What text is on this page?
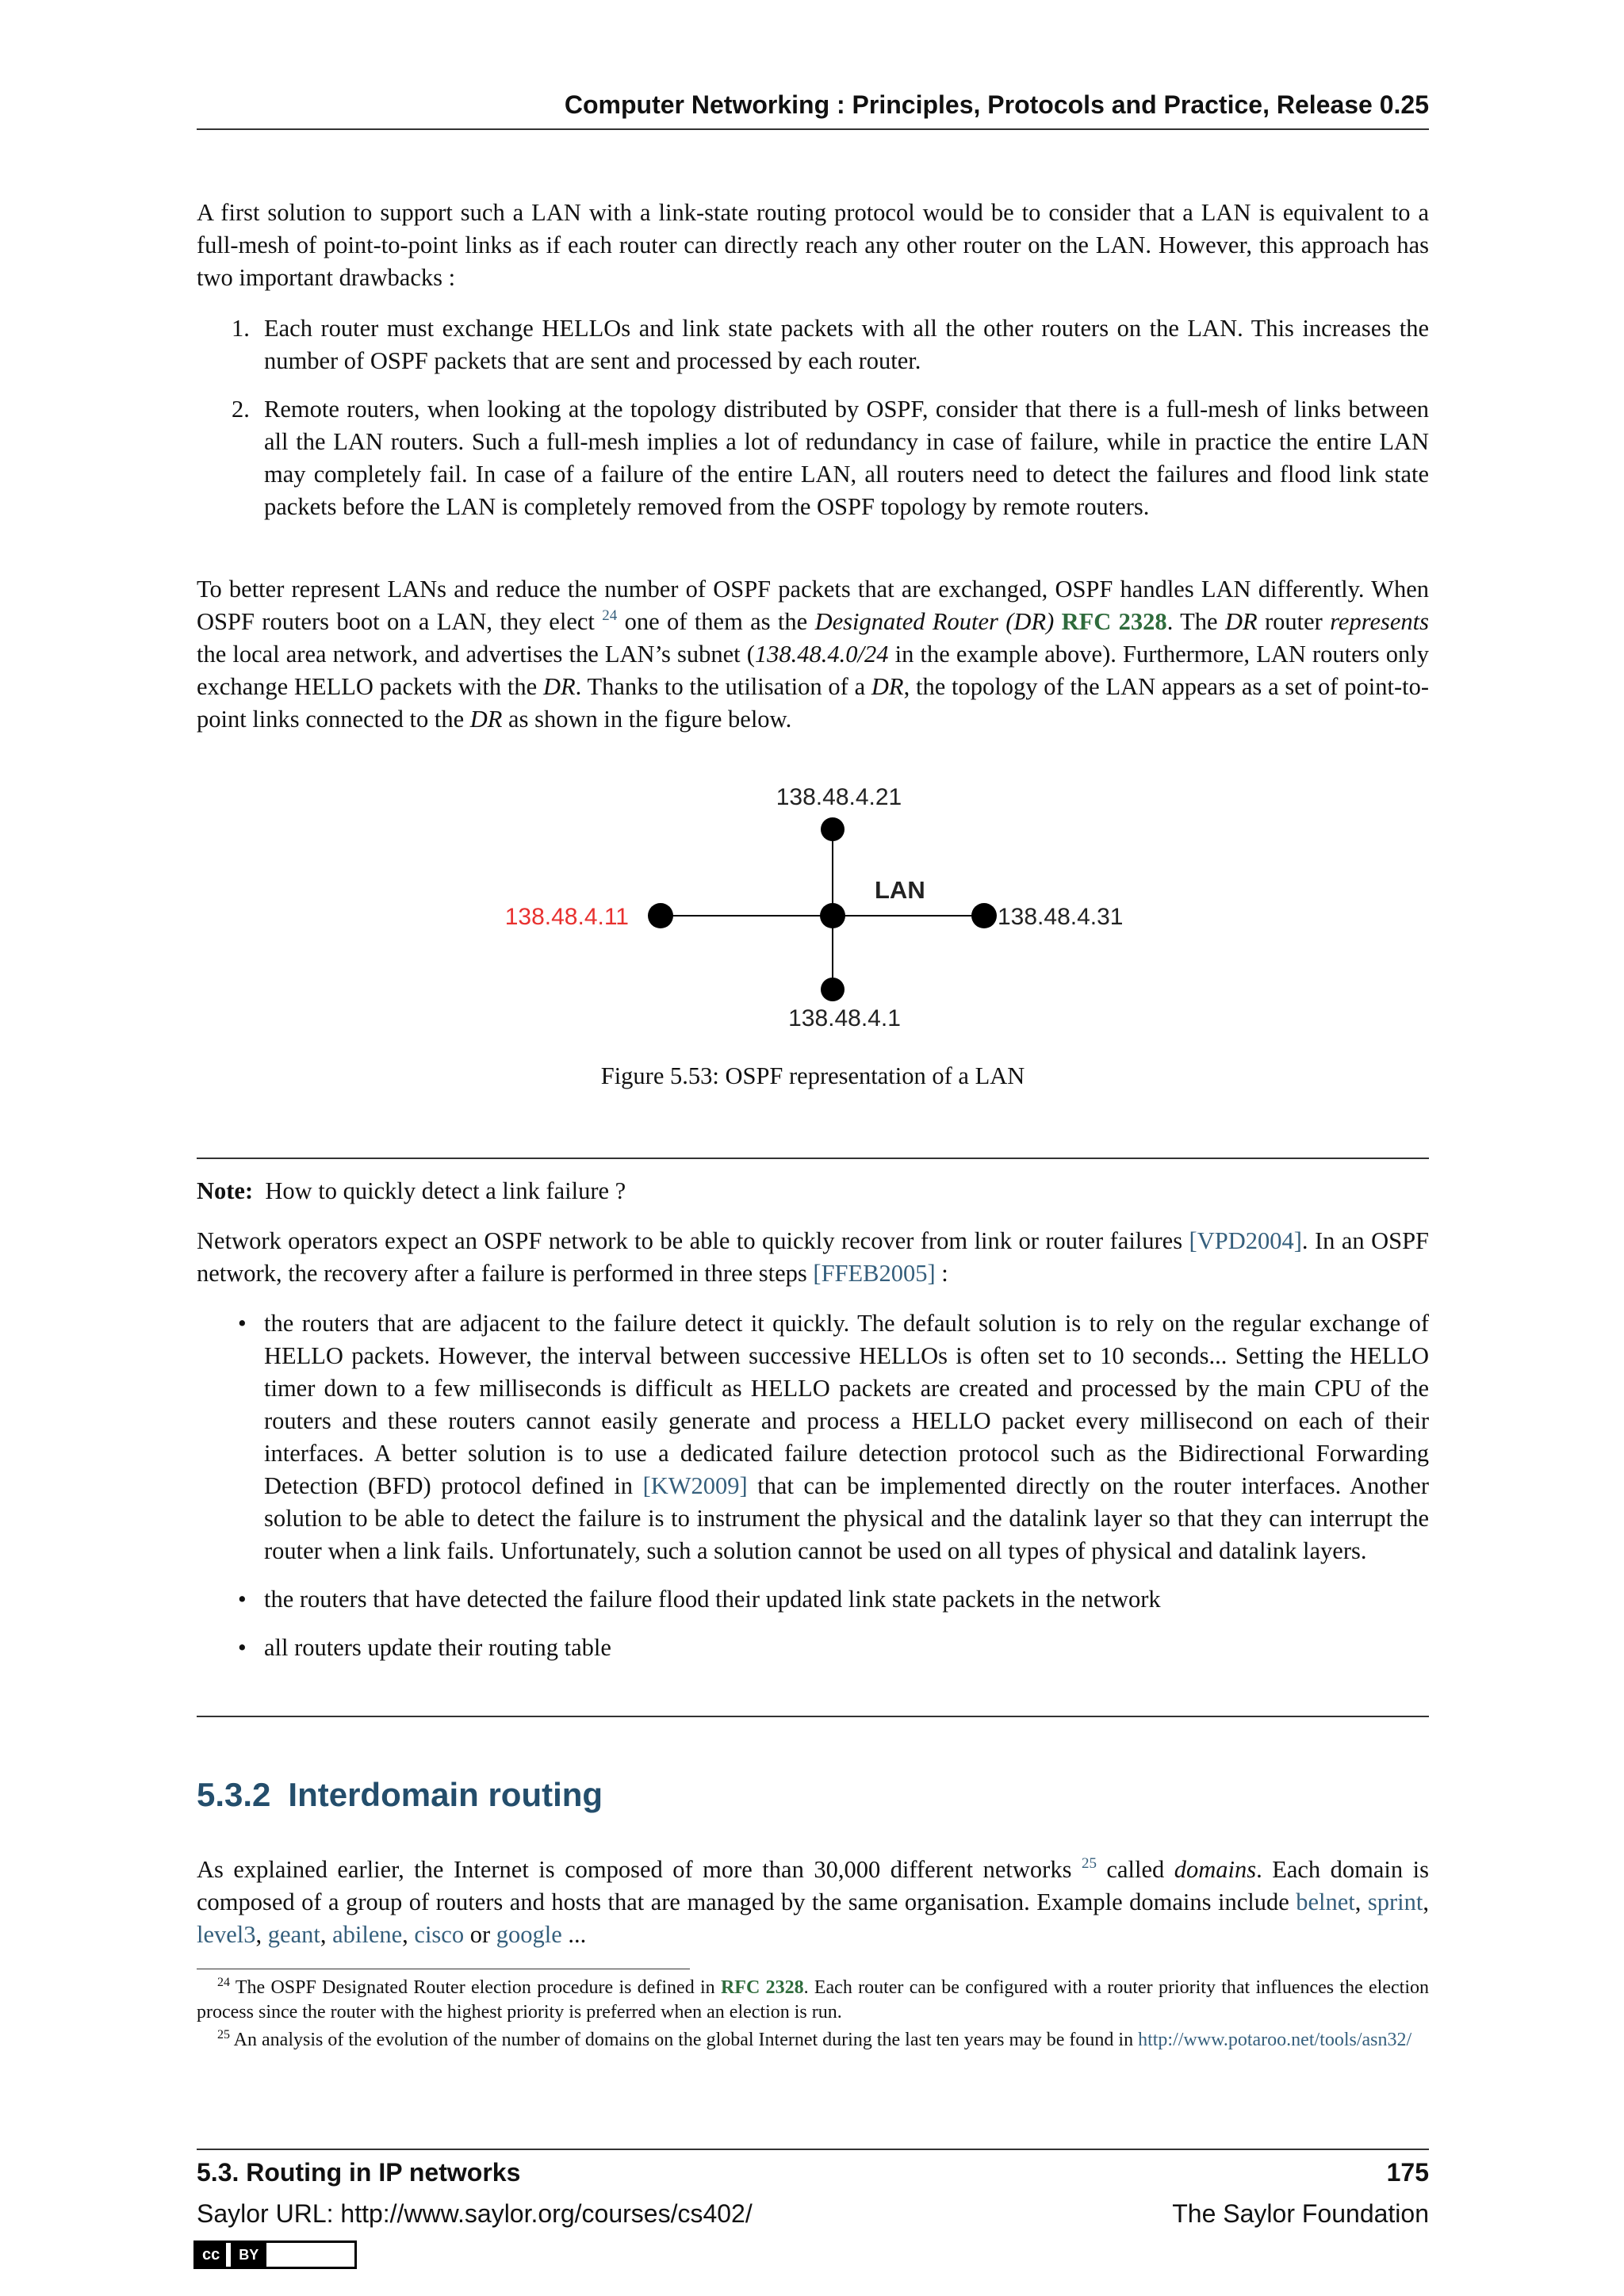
Computer Networking : Principles, Protocols and Practice, Release 0.25

A first solution to support such a LAN with a link-state routing protocol would be to consider that a LAN is equivalent to a full-mesh of point-to-point links as if each router can directly reach any other router on the LAN. However, this approach has two important drawbacks :

1. Each router must exchange HELLOs and link state packets with all the other routers on the LAN. This increases the number of OSPF packets that are sent and processed by each router.
2. Remote routers, when looking at the topology distributed by OSPF, consider that there is a full-mesh of links between all the LAN routers. Such a full-mesh implies a lot of redundancy in case of failure, while in practice the entire LAN may completely fail. In case of a failure of the entire LAN, all routers need to detect the failures and flood link state packets before the LAN is completely removed from the OSPF topology by remote routers.

To better represent LANs and reduce the number of OSPF packets that are exchanged, OSPF handles LAN differently. When OSPF routers boot on a LAN, they elect $^{24}$ one of them as the Designated Router (DR) RFC 2328. The DR router represents the local area network, and advertises the LAN’s subnet (138.48.4.0/24 in the example above). Furthermore, LAN routers only exchange HELLO packets with the DR. Thanks to the utilisation of a DR, the topology of the LAN appears as a set of point-to-point links connected to the DR as shown in the figure below.

138.48.4.21
LAN
138.48.4.11	138.48.4.31
138.48.4.1
Figure 5.53: OSPF representation of a LAN

Note: How to quickly detect a link failure ?

Network operators expect an OSPF network to be able to quickly recover from link or router failures [VPD2004]. In an OSPF network, the recovery after a failure is performed in three steps [FFEB2005] :

• the routers that are adjacent to the failure detect it quickly. The default solution is to rely on the regular exchange of HELLO packets. However, the interval between successive HELLOs is often set to 10 seconds... Setting the HELLO timer down to a few milliseconds is difficult as HELLO packets are created and processed by the main CPU of the routers and these routers cannot easily generate and process a HELLO packet every millisecond on each of their interfaces. A better solution is to use a dedicated failure detection protocol such as the Bidirectional Forwarding Detection (BFD) protocol defined in [KW2009] that can be implemented directly on the router interfaces. Another solution to be able to detect the failure is to instrument the physical and the datalink layer so that they can interrupt the router when a link fails. Unfortunately, such a solution cannot be used on all types of physical and datalink layers.
• the routers that have detected the failure flood their updated link state packets in the network
• all routers update their routing table
5.3.2 Interdomain routing

As explained earlier, the Internet is composed of more than 30,000 different networks $^{25}$ called domains. Each domain is composed of a group of routers and hosts that are managed by the same organisation. Example domains include belnet, sprint, level3, geant, abilene, cisco or google ...

$^{24}$ The OSPF Designated Router election procedure is defined in RFC 2328. Each router can be configured with a router priority that influences the election process since the router with the highest priority is preferred when an election is run.

$^{25}$ An analysis of the evolution of the number of domains on the global Internet during the last ten years may be found in http://www.potaroo.net/tools/asn32/

5.3. Routing in IP networks	175
Saylor URL: http://www.saylor.org/courses/cs402/	The Saylor Foundation
cc	BY
